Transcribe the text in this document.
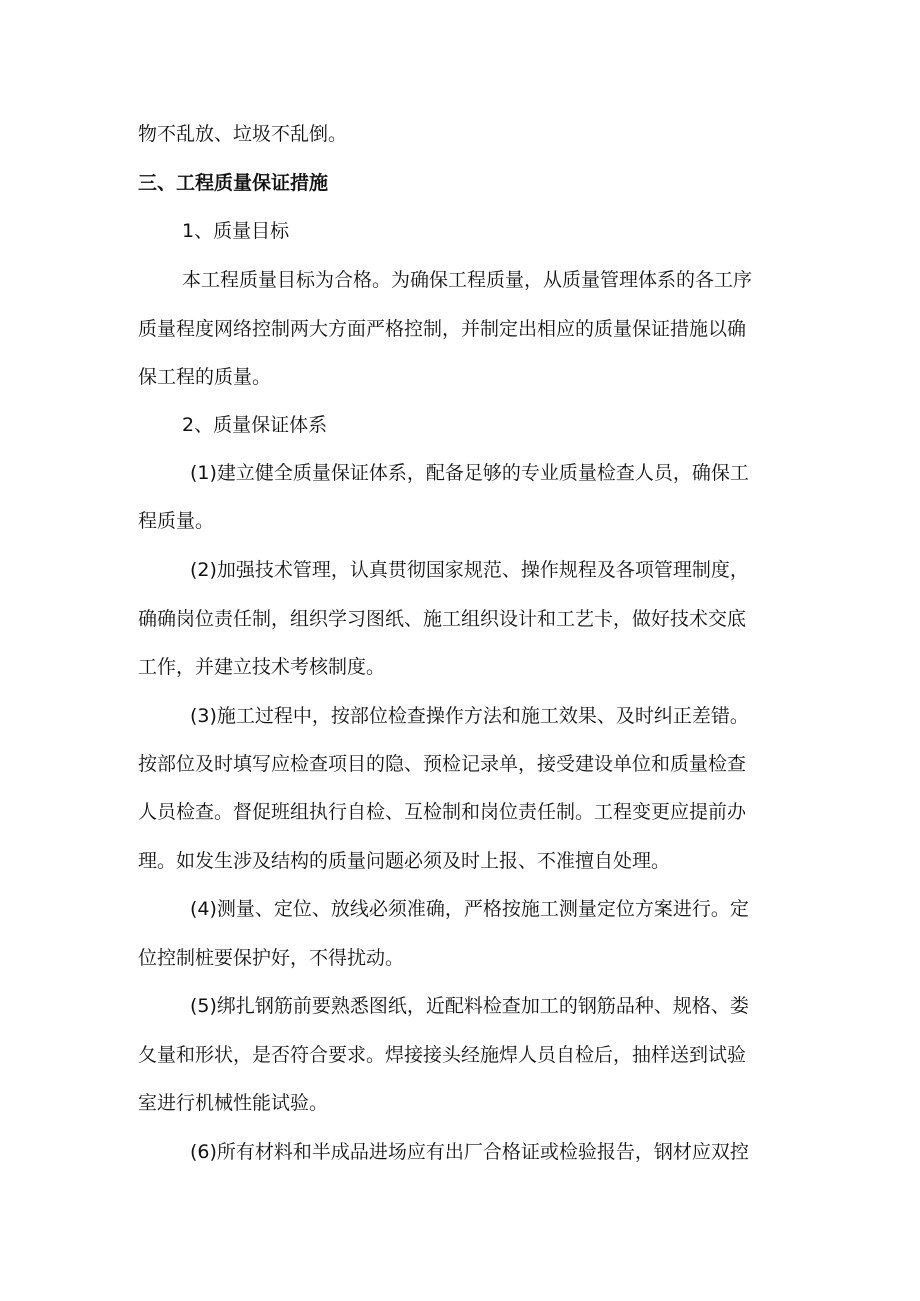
物不乱放、垃圾不乱倒。

三、工程质量保证措施

1、质量目标

本工程质量目标为合格。为确保工程质量，从质量管理体系的各工序

质量程度网络控制两大方面严格控制，并制定出相应的质量保证措施以确

保工程的质量。

2、质量保证体系

(1)建立健全质量保证体系，配备足够的专业质量检查人员，确保工

程质量。

(2)加强技术管理，认真贯彻国家规范、操作规程及各项管理制度，

确确岗位责任制，组织学习图纸、施工组织设计和工艺卡，做好技术交底

工作，并建立技术考核制度。

(3)施工过程中，按部位检查操作方法和施工效果、及时纠正差错。

按部位及时填写应检查项目的隐、预检记录单，接受建设单位和质量检查

人员检查。督促班组执行自检、互检制和岗位责任制。工程变更应提前办

理。如发生涉及结构的质量问题必须及时上报、不准擅自处理。

(4)测量、定位、放线必须准确，严格按施工测量定位方案进行。定

位控制桩要保护好，不得扰动。

(5)绑扎钢筋前要熟悉图纸，近配料检查加工的钢筋品种、规格、娄

夂量和形状，是否符合要求。焊接接头经施焊人员自检后，抽样送到试验

室进行机械性能试验。

(6)所有材料和半成品进场应有出厂合格证或检验报告，钢材应双控
